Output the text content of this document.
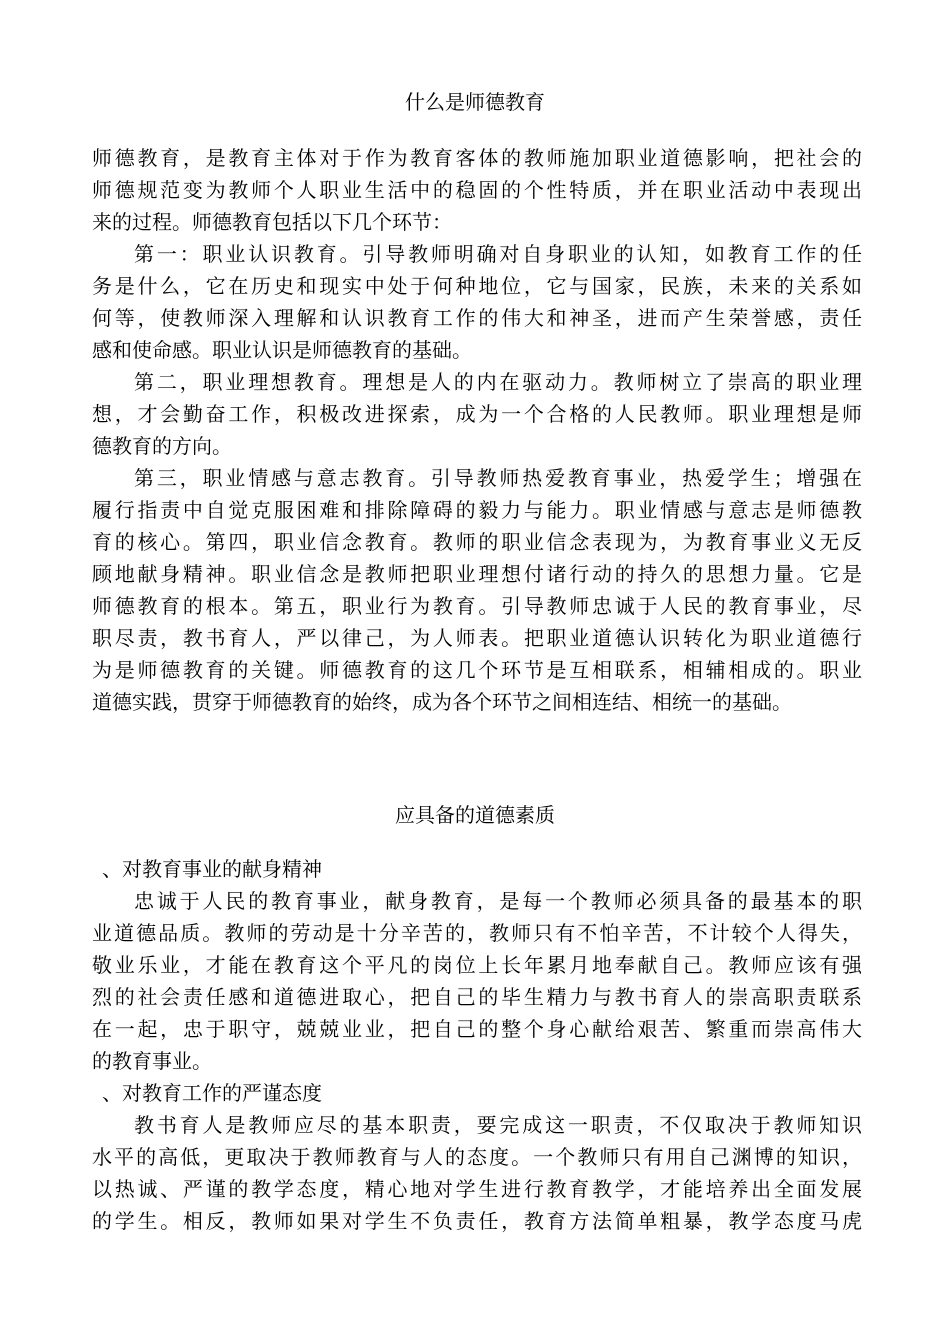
什么是师德教育
师德教育，是教育主体对于作为教育客体的教师施加职业道德影响，把社会的
师德规范变为教师个人职业生活中的稳固的个性特质，并在职业活动中表现出
来的过程。师德教育包括以下几个环节：
第一：职业认识教育。引导教师明确对自身职业的认知，如教育工作的任
务是什么，它在历史和现实中处于何种地位，它与国家，民族，未来的关系如
何等，使教师深入理解和认识教育工作的伟大和神圣，进而产生荣誉感，责任
感和使命感。职业认识是师德教育的基础。
第二，职业理想教育。理想是人的内在驱动力。教师树立了崇高的职业理
想，才会勤奋工作，积极改进探索，成为一个合格的人民教师。职业理想是师
德教育的方向。
第三，职业情感与意志教育。引导教师热爱教育事业，热爱学生；增强在
履行指责中自觉克服困难和排除障碍的毅力与能力。职业情感与意志是师德教
育的核心。第四，职业信念教育。教师的职业信念表现为，为教育事业义无反
顾地献身精神。职业信念是教师把职业理想付诸行动的持久的思想力量。它是
师德教育的根本。第五，职业行为教育。引导教师忠诚于人民的教育事业，尽
职尽责，教书育人，严以律己，为人师表。把职业道德认识转化为职业道德行
为是师德教育的关键。师德教育的这几个环节是互相联系，相辅相成的。职业
道德实践，贯穿于师德教育的始终，成为各个环节之间相连结、相统一的基础。
应具备的道德素质
、对教育事业的献身精神
忠诚于人民的教育事业，献身教育，是每一个教师必须具备的最基本的职
业道德品质。教师的劳动是十分辛苦的，教师只有不怕辛苦，不计较个人得失，
敬业乐业，才能在教育这个平凡的岗位上长年累月地奉献自己。教师应该有强
烈的社会责任感和道德进取心，把自己的毕生精力与教书育人的崇高职责联系
在一起，忠于职守，兢兢业业，把自己的整个身心献给艰苦、繁重而崇高伟大
的教育事业。
、对教育工作的严谨态度
教书育人是教师应尽的基本职责，要完成这一职责，不仅取决于教师知识
水平的高低，更取决于教师教育与人的态度。一个教师只有用自己渊博的知识，
以热诚、严谨的教学态度，精心地对学生进行教育教学，才能培养出全面发展
的学生。相反，教师如果对学生不负责任，教育方法简单粗暴，教学态度马虎
